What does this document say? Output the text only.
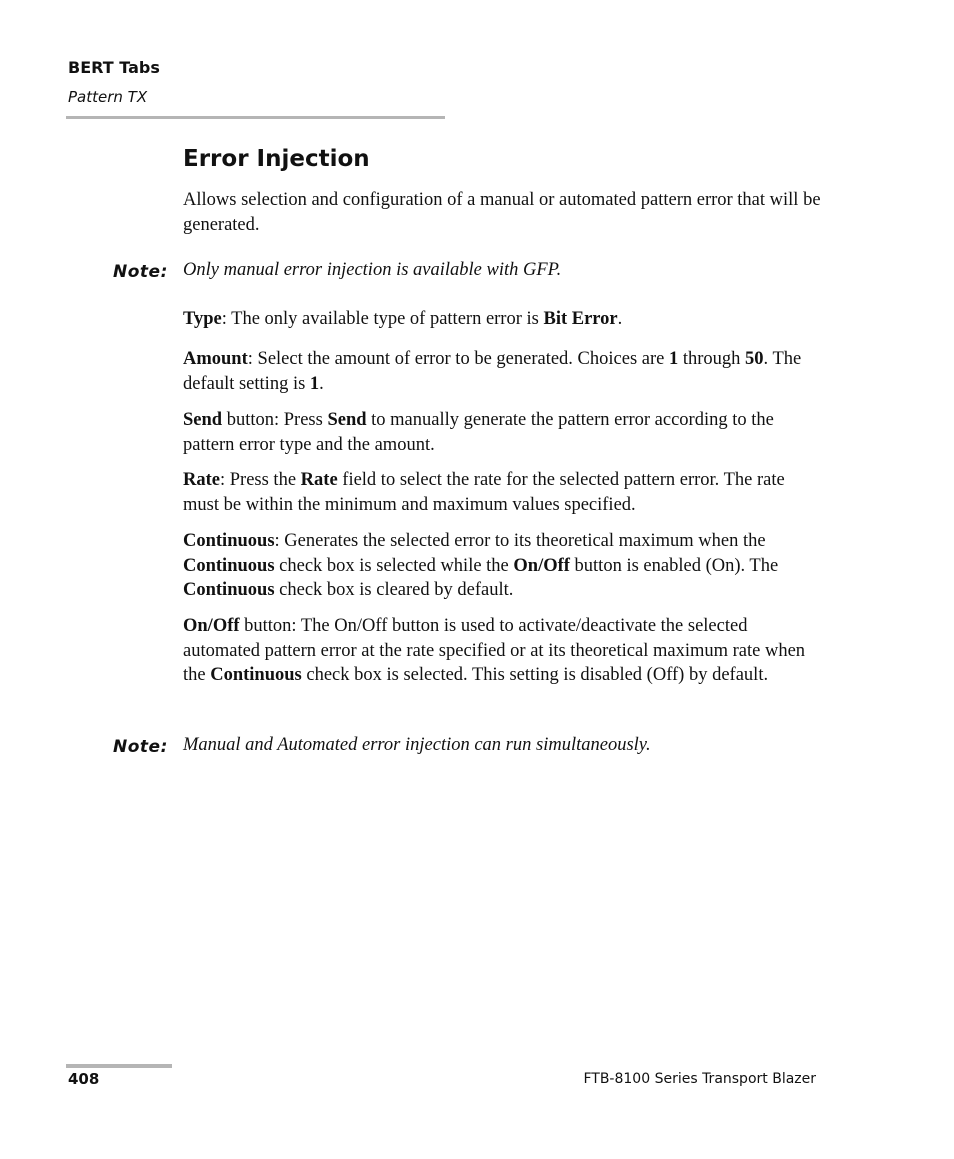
BERT Tabs
Pattern TX
Error Injection

Allows selection and configuration of a manual or automated pattern error that will be generated.

Note: Only manual error injection is available with GFP.

Type: The only available type of pattern error is Bit Error.

Amount: Select the amount of error to be generated. Choices are 1 through 50. The default setting is 1.

Send button: Press Send to manually generate the pattern error according to the pattern error type and the amount.

Rate: Press the Rate field to select the rate for the selected pattern error. The rate must be within the minimum and maximum values specified.

Continuous: Generates the selected error to its theoretical maximum when the Continuous check box is selected while the On/Off button is enabled (On). The Continuous check box is cleared by default.

On/Off button: The On/Off button is used to activate/deactivate the selected automated pattern error at the rate specified or at its theoretical maximum rate when the Continuous check box is selected. This setting is disabled (Off) by default.

Note: Manual and Automated error injection can run simultaneously.
408	FTB-8100 Series Transport Blazer
